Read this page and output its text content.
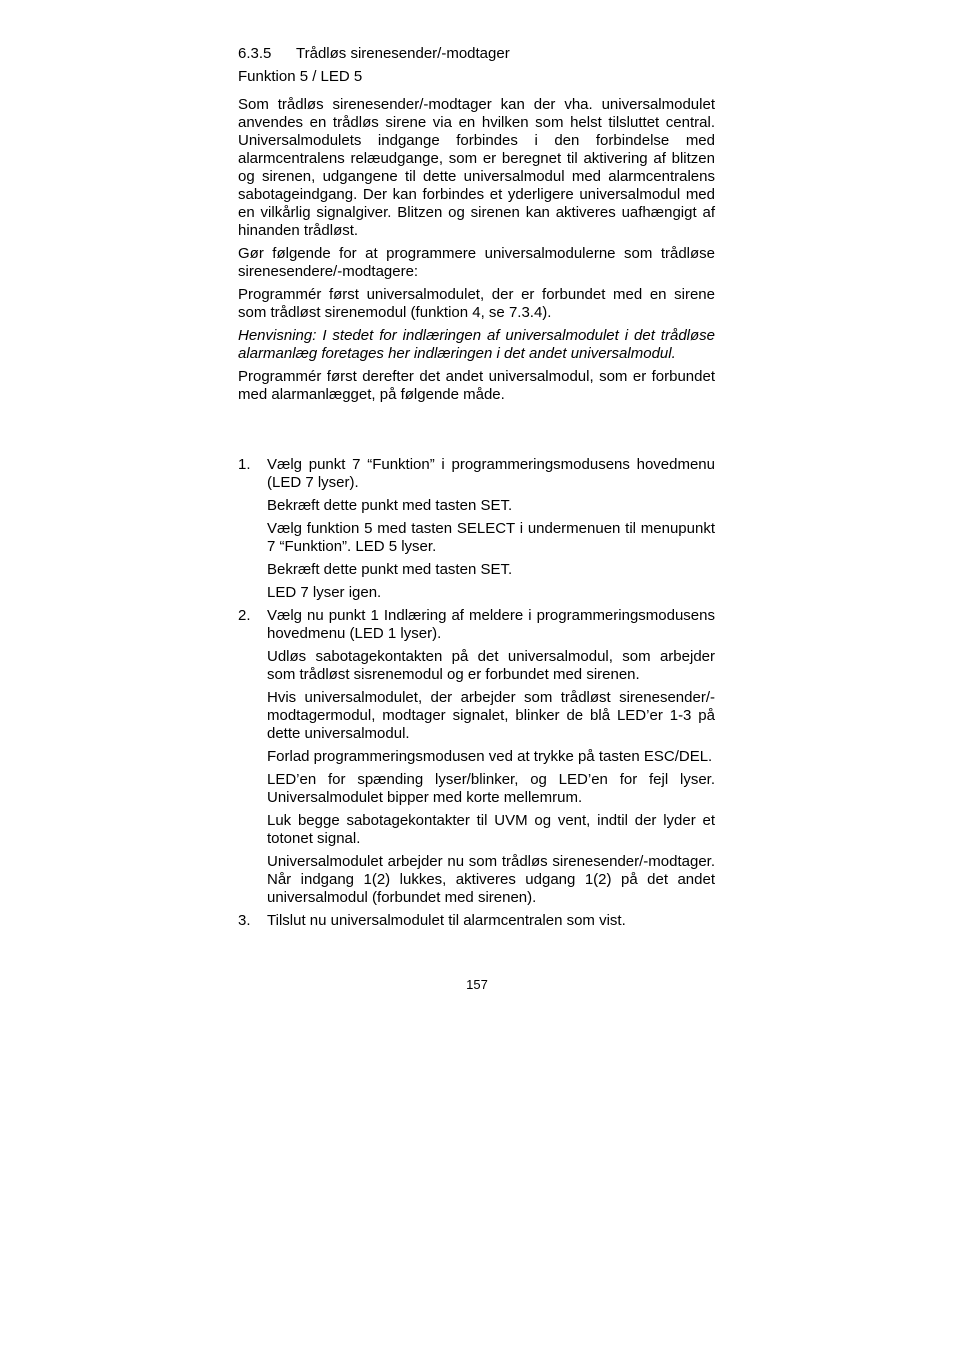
6.3.5 Trådløs sirenesender/-modtager
Funktion 5 / LED 5

Som trådløs sirenesender/-modtager kan der vha. universalmodulet anvendes en trådløs sirene via en hvilken som helst tilsluttet central. Universalmodulets indgange forbindes i den forbindelse med alarmcentralens relæudgange, som er beregnet til aktivering af blitzen og sirenen, udgangene til dette universalmodul med alarmcentralens sabotageindgang. Der kan forbindes et yderligere universalmodul med en vilkårlig signalgiver. Blitzen og sirenen kan aktiveres uafhængigt af hinanden trådløst.

Gør følgende for at programmere universalmodulerne som trådløse sirenesendere/-modtagere:

Programmér først universalmodulet, der er forbundet med en sirene som trådløst sirenemodul (funktion 4, se 7.3.4).

Henvisning: I stedet for indlæringen af universalmodulet i det trådløse alarmanlæg foretages her indlæringen i det andet universalmodul.

Programmér først derefter det andet universalmodul, som er forbundet med alarmanlægget, på følgende måde.

1. Vælg punkt 7 “Funktion” i programmeringsmodusens hovedmenu (LED 7 lyser).

Bekræft dette punkt med tasten SET.

Vælg funktion 5 med tasten SELECT i undermenuen til menupunkt 7 “Funktion”. LED 5 lyser.

Bekræft dette punkt med tasten SET.

LED 7 lyser igen.

2. Vælg nu punkt 1 Indlæring af meldere i programmeringsmodusens hovedmenu (LED 1 lyser).

Udløs sabotagekontakten på det universalmodul, som arbejder som trådløst sisrenemodul og er forbundet med sirenen.

Hvis universalmodulet, der arbejder som trådløst sirenesender/-modtagermodul, modtager signalet, blinker de blå LED’er 1-3 på dette universalmodul.

Forlad programmeringsmodusen ved at trykke på tasten ESC/DEL.

LED’en for spænding lyser/blinker, og LED’en for fejl lyser. Universalmodulet bipper med korte mellemrum.

Luk begge sabotagekontakter til UVM og vent, indtil der lyder et totonet signal.

Universalmodulet arbejder nu som trådløs sirenesender/-modtager. Når indgang 1(2) lukkes, aktiveres udgang 1(2) på det andet universalmodul (forbundet med sirenen).

3. Tilslut nu universalmodulet til alarmcentralen som vist.

157
